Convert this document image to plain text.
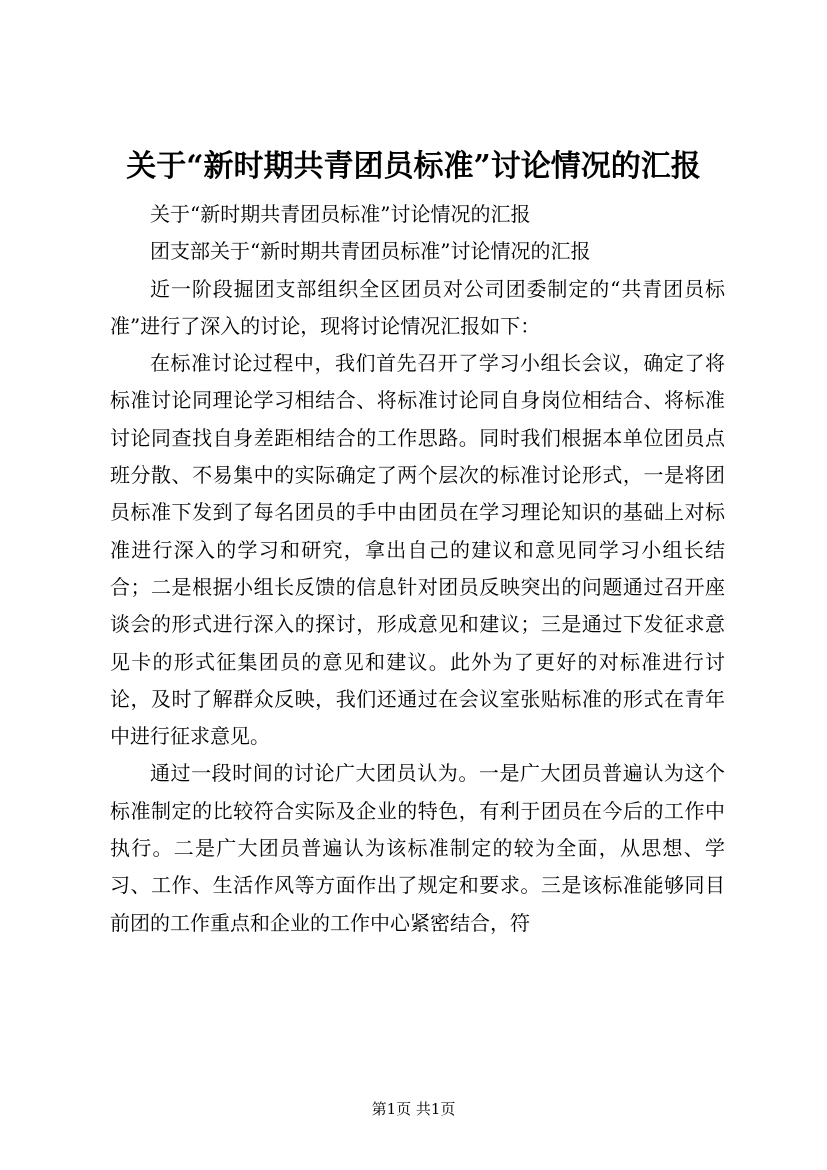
关于“新时期共青团员标准”讨论情况的汇报

关于“新时期共青团员标准”讨论情况的汇报

团支部关于“新时期共青团员标准”讨论情况的汇报

近一阶段掘团支部组织全区团员对公司团委制定的“共青团员标准”进行了深入的讨论，现将讨论情况汇报如下：

在标准讨论过程中，我们首先召开了学习小组长会议，确定了将标准讨论同理论学习相结合、将标准讨论同自身岗位相结合、将标准讨论同查找自身差距相结合的工作思路。同时我们根据本单位团员点班分散、不易集中的实际确定了两个层次的标准讨论形式，一是将团员标准下发到了每名团员的手中由团员在学习理论知识的基础上对标准进行深入的学习和研究，拿出自己的建议和意见同学习小组长结合；二是根据小组长反馈的信息针对团员反映突出的问题通过召开座谈会的形式进行深入的探讨，形成意见和建议；三是通过下发征求意见卡的形式征集团员的意见和建议。此外为了更好的对标准进行讨论，及时了解群众反映，我们还通过在会议室张贴标准的形式在青年中进行征求意见。

通过一段时间的讨论广大团员认为。一是广大团员普遍认为这个标准制定的比较符合实际及企业的特色，有利于团员在今后的工作中执行。二是广大团员普遍认为该标准制定的较为全面，从思想、学习、工作、生活作风等方面作出了规定和要求。三是该标准能够同目前团的工作重点和企业的工作中心紧密结合，符

第1页 共1页
